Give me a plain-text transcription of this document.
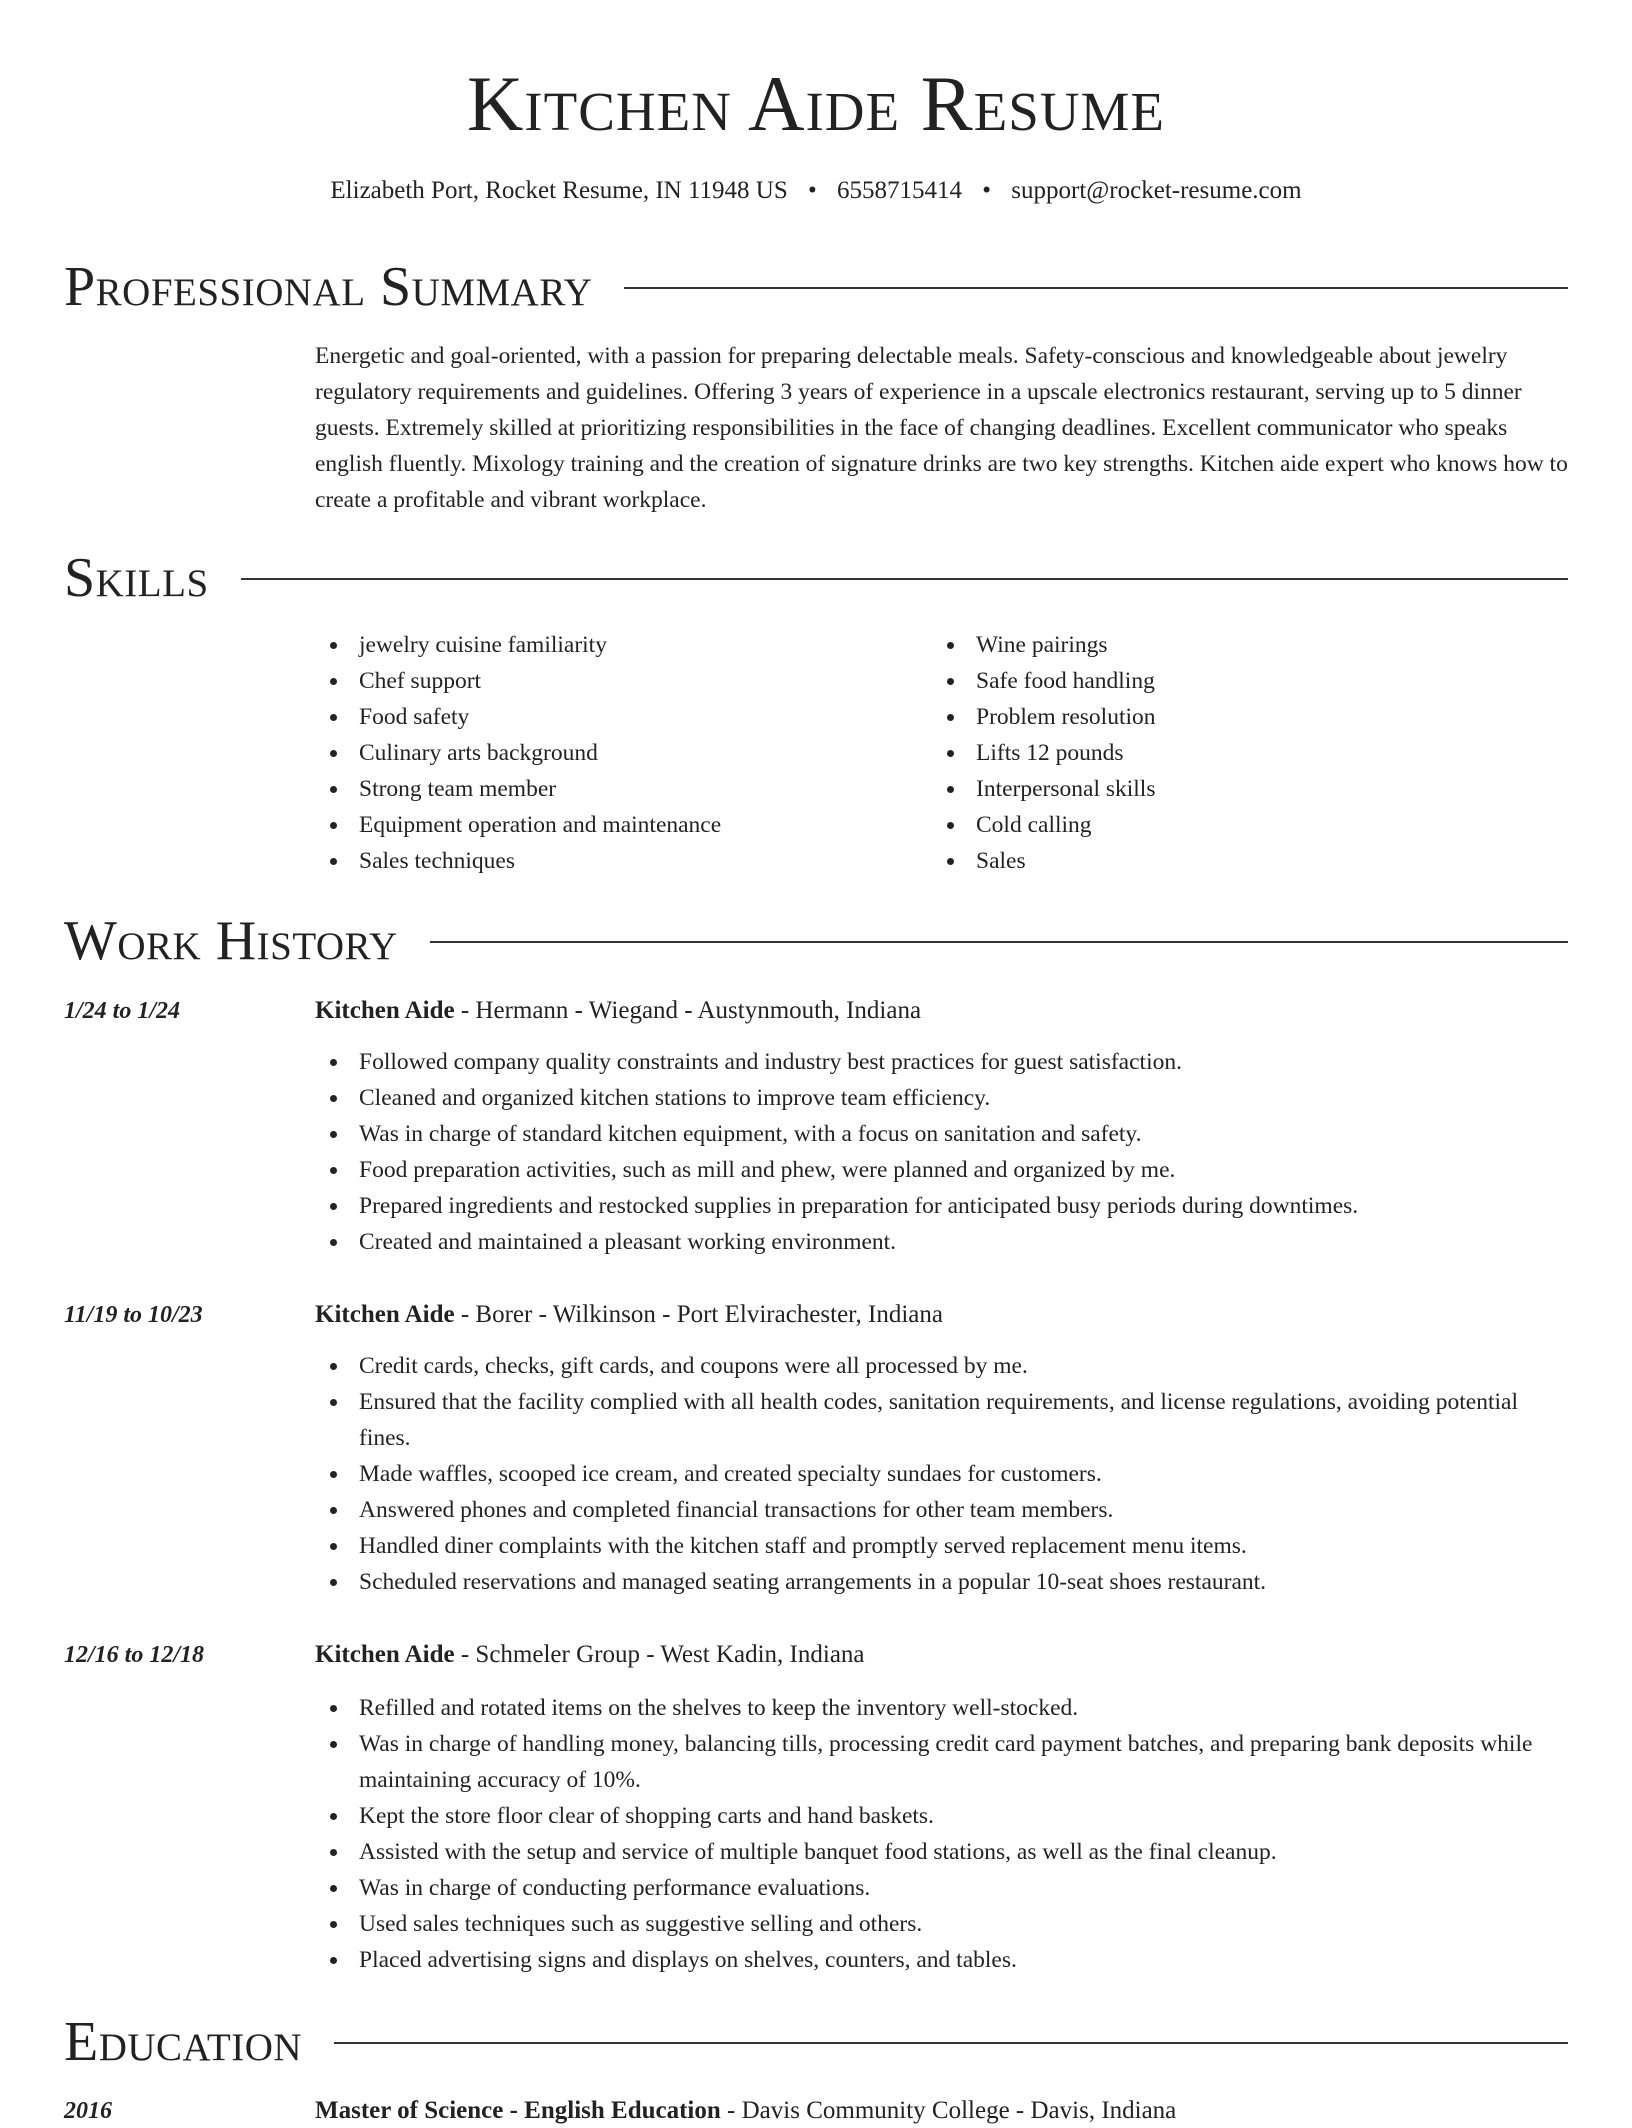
Kitchen Aide Resume
Elizabeth Port, Rocket Resume, IN 11948 US • 6558715414 • support@rocket-resume.com
Professional Summary
Energetic and goal-oriented, with a passion for preparing delectable meals. Safety-conscious and knowledgeable about jewelry regulatory requirements and guidelines. Offering 3 years of experience in a upscale electronics restaurant, serving up to 5 dinner guests. Extremely skilled at prioritizing responsibilities in the face of changing deadlines. Excellent communicator who speaks english fluently. Mixology training and the creation of signature drinks are two key strengths. Kitchen aide expert who knows how to create a profitable and vibrant workplace.
Skills
jewelry cuisine familiarity
Chef support
Food safety
Culinary arts background
Strong team member
Equipment operation and maintenance
Sales techniques
Wine pairings
Safe food handling
Problem resolution
Lifts 12 pounds
Interpersonal skills
Cold calling
Sales
Work History
1/24 to 1/24	Kitchen Aide - Hermann - Wiegand - Austynmouth, Indiana
Followed company quality constraints and industry best practices for guest satisfaction.
Cleaned and organized kitchen stations to improve team efficiency.
Was in charge of standard kitchen equipment, with a focus on sanitation and safety.
Food preparation activities, such as mill and phew, were planned and organized by me.
Prepared ingredients and restocked supplies in preparation for anticipated busy periods during downtimes.
Created and maintained a pleasant working environment.
11/19 to 10/23	Kitchen Aide - Borer - Wilkinson - Port Elvirachester, Indiana
Credit cards, checks, gift cards, and coupons were all processed by me.
Ensured that the facility complied with all health codes, sanitation requirements, and license regulations, avoiding potential fines.
Made waffles, scooped ice cream, and created specialty sundaes for customers.
Answered phones and completed financial transactions for other team members.
Handled diner complaints with the kitchen staff and promptly served replacement menu items.
Scheduled reservations and managed seating arrangements in a popular 10-seat shoes restaurant.
12/16 to 12/18	Kitchen Aide - Schmeler Group - West Kadin, Indiana
Refilled and rotated items on the shelves to keep the inventory well-stocked.
Was in charge of handling money, balancing tills, processing credit card payment batches, and preparing bank deposits while maintaining accuracy of 10%.
Kept the store floor clear of shopping carts and hand baskets.
Assisted with the setup and service of multiple banquet food stations, as well as the final cleanup.
Was in charge of conducting performance evaluations.
Used sales techniques such as suggestive selling and others.
Placed advertising signs and displays on shelves, counters, and tables.
Education
2016	Master of Science - English Education - Davis Community College - Davis, Indiana
